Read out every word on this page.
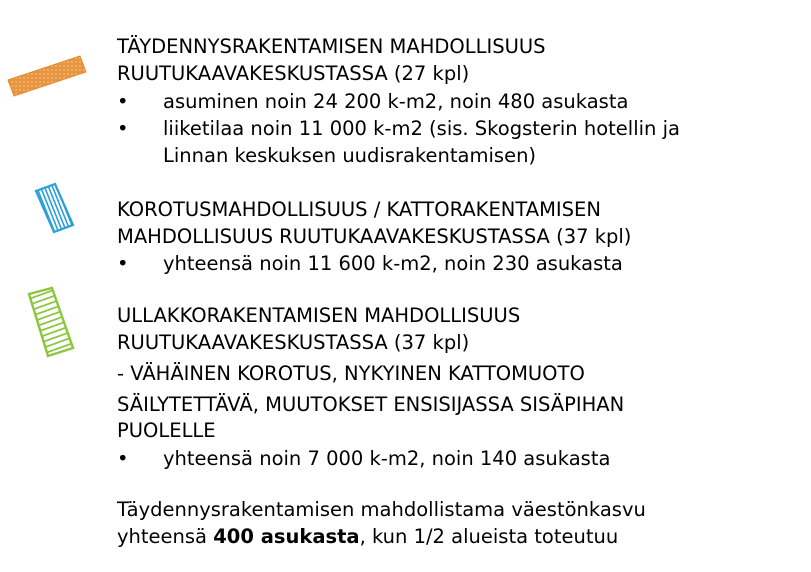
TÄYDENNYSRAKENTAMISEN MAHDOLLISUUS
RUUTUKAAVAKESKUSTASSA (27 kpl)
• asuminen noin 24 200 k-m2, noin 480 asukasta
• liiketilaa noin 11 000 k-m2 (sis. Skogsterin hotellin ja
Linnan keskuksen uudisrakentamisen)
KOROTUSMAHDOLLISUUS / KATTORAKENTAMISEN
MAHDOLLISUUS RUUTUKAAVAKESKUSTASSA (37 kpl)
• yhteensä noin 11 600 k-m2, noin 230 asukasta
ULLAKKORAKENTAMISEN MAHDOLLISUUS
RUUTUKAAVAKESKUSTASSA (37 kpl)
- VÄHÄINEN KOROTUS, NYKYINEN KATTOMUOTO
SÄILYTETTÄVÄ, MUUTOKSET ENSISIJASSA SISÄPIHAN
PUOLELLE
• yhteensä noin 7 000 k-m2, noin 140 asukasta
Täydennysrakentamisen mahdollistama väestönkasvu
yhteensä 400 asukasta, kun 1/2 alueista toteutuu
